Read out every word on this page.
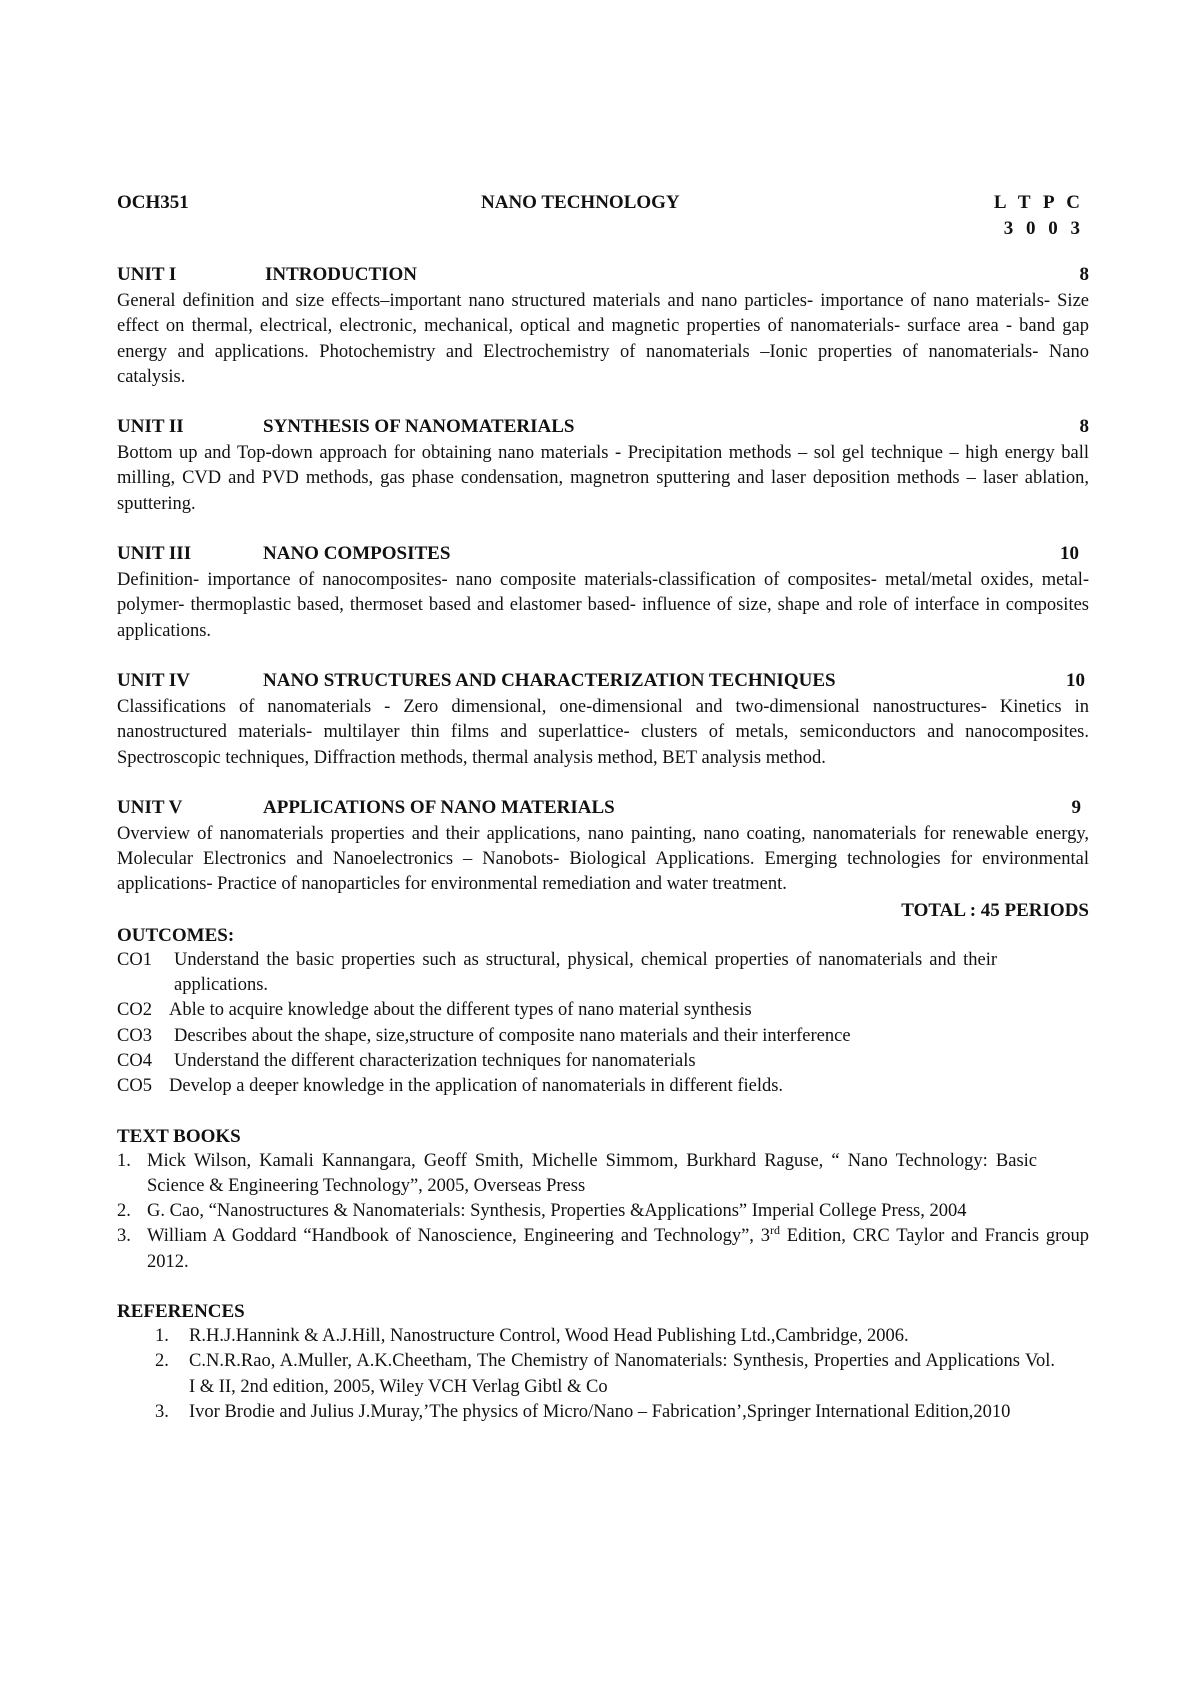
OCH351	NANO TECHNOLOGY	L T P C
3 0 0 3
UNIT I	INTRODUCTION	8
General definition and size effects–important nano structured materials and nano particles- importance of nano materials- Size effect on thermal, electrical, electronic, mechanical, optical and magnetic properties of nanomaterials- surface area - band gap energy and applications. Photochemistry and Electrochemistry of nanomaterials –Ionic properties of nanomaterials- Nano catalysis.
UNIT II	SYNTHESIS OF NANOMATERIALS	8
Bottom up and Top-down approach for obtaining nano materials - Precipitation methods – sol gel technique – high energy ball milling, CVD and PVD methods, gas phase condensation, magnetron sputtering and laser deposition methods – laser ablation, sputtering.
UNIT III	NANO COMPOSITES	10
Definition- importance of nanocomposites- nano composite materials-classification of composites- metal/metal oxides, metal-polymer- thermoplastic based, thermoset based and elastomer based- influence of size, shape and role of interface in composites applications.
UNIT IV	NANO STRUCTURES AND CHARACTERIZATION TECHNIQUES	10
Classifications of nanomaterials - Zero dimensional, one-dimensional and two-dimensional nanostructures- Kinetics in nanostructured materials- multilayer thin films and superlattice- clusters of metals, semiconductors and nanocomposites. Spectroscopic techniques, Diffraction methods, thermal analysis method, BET analysis method.
UNIT V	APPLICATIONS OF NANO MATERIALS	9
Overview of nanomaterials properties and their applications, nano painting, nano coating, nanomaterials for renewable energy, Molecular Electronics and Nanoelectronics – Nanobots- Biological Applications. Emerging technologies for environmental applications- Practice of nanoparticles for environmental remediation and water treatment.
TOTAL : 45 PERIODS
OUTCOMES:
CO1	Understand the basic properties such as structural, physical, chemical properties of nanomaterials and their applications.
CO2 Able to acquire knowledge about the different types of nano material synthesis
CO3	Describes about the shape, size,structure of composite nano materials and their interference
CO4	Understand the different characterization techniques for nanomaterials
CO5 Develop a deeper knowledge in the application of nanomaterials in different fields.
TEXT BOOKS
1. Mick Wilson, Kamali Kannangara, Geoff Smith, Michelle Simmom, Burkhard Raguse, “ Nano Technology: Basic Science & Engineering Technology”, 2005, Overseas Press
2. G. Cao, “Nanostructures & Nanomaterials: Synthesis, Properties &Applications” Imperial College Press, 2004
3. William A Goddard “Handbook of Nanoscience, Engineering and Technology”, 3rd Edition, CRC Taylor and Francis group 2012.
REFERENCES
1.	R.H.J.Hannink & A.J.Hill, Nanostructure Control, Wood Head Publishing Ltd.,Cambridge, 2006.
2.	C.N.R.Rao, A.Muller, A.K.Cheetham, The Chemistry of Nanomaterials: Synthesis, Properties and Applications Vol. I & II, 2nd edition, 2005, Wiley VCH Verlag Gibtl & Co
3.	Ivor Brodie and Julius J.Muray,’The physics of Micro/Nano – Fabrication’,Springer International Edition,2010
